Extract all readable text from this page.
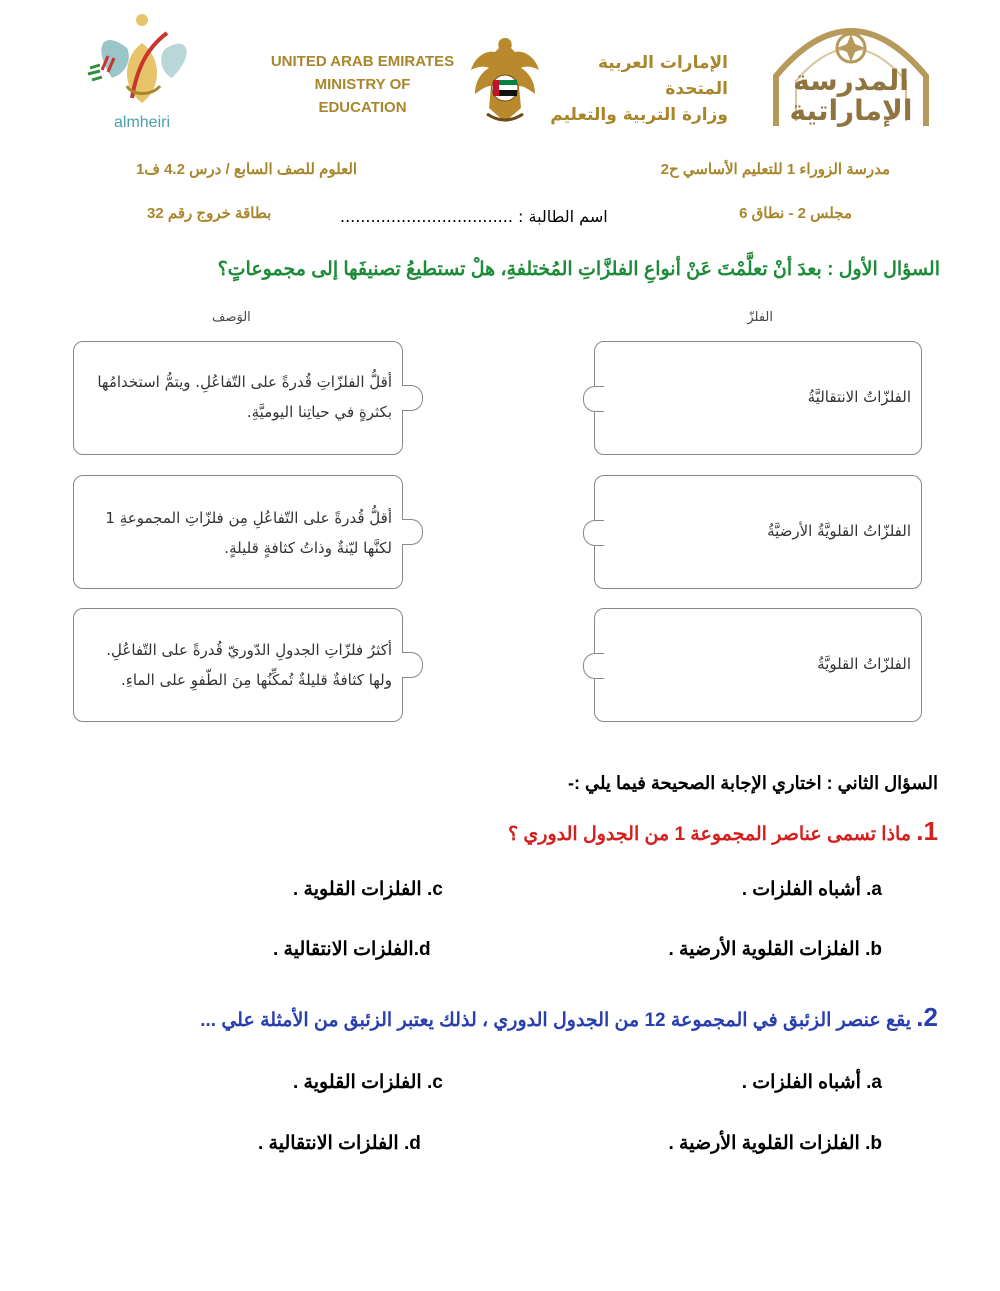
almheiri
UNITED ARAB EMIRATES
MINISTRY OF EDUCATION
الإمارات العربية المتحدة
وزارة التربية والتعليم
المدرسة
الإماراتية
مدرسة الزوراء 1 للتعليم الأساسي ح2
العلوم للصف السابع / درس 4.2 ف1
مجلس 2 - نطاق 6
اسم الطالبة : ..................................
بطاقة خروج رقم 32
السؤال الأول : بعدَ أنْ تعلَّمْتَ عَنْ أنواعِ الفلزَّاتِ المُختلفةِ، هلْ تستطيعُ تصنيفَها إلى مجموعاتٍ؟
الفلزّ
الوَصف
أقلُّ الفلزّاتِ قُدرةً على التّفاعُلِ. ويتمُّ استخدامُها
بكثرةٍ في حياتِنا اليوميَّةِ.
أقلُّ قُدرةً على التّفاعُلِ مِن فلزّاتِ المجموعةِ 1
لكنَّها ليّنةٌ وذاتُ كثافةٍ قليلةٍ.
أكثرُ فلزّاتِ الجدولِ الدّوريّ قُدرةً على التّفاعُلِ.
ولها كثافةٌ قليلةٌ تُمكِّنُها مِنَ الطّفوِ على الماءِ.
الفلزّاتُ الانتقاليَّةُ
الفلزّاتُ القلويَّةُ الأرضيَّةُ
الفلزّاتُ القلويَّةُ
السؤال الثاني : اختاري الإجابة الصحيحة فيما يلي :-
1. ماذا تسمى عناصر المجموعة 1 من الجدول الدوري ؟
a. أشباه الفلزات .
c. الفلزات القلوية .
b. الفلزات القلوية الأرضية .
d.الفلزات الانتقالية .
2. يقع عنصر الزئبق في المجموعة 12 من الجدول الدوري ، لذلك يعتبر الزئبق من الأمثلة علي ...
a. أشباه الفلزات .
c. الفلزات القلوية .
b. الفلزات القلوية الأرضية .
d. الفلزات الانتقالية .
